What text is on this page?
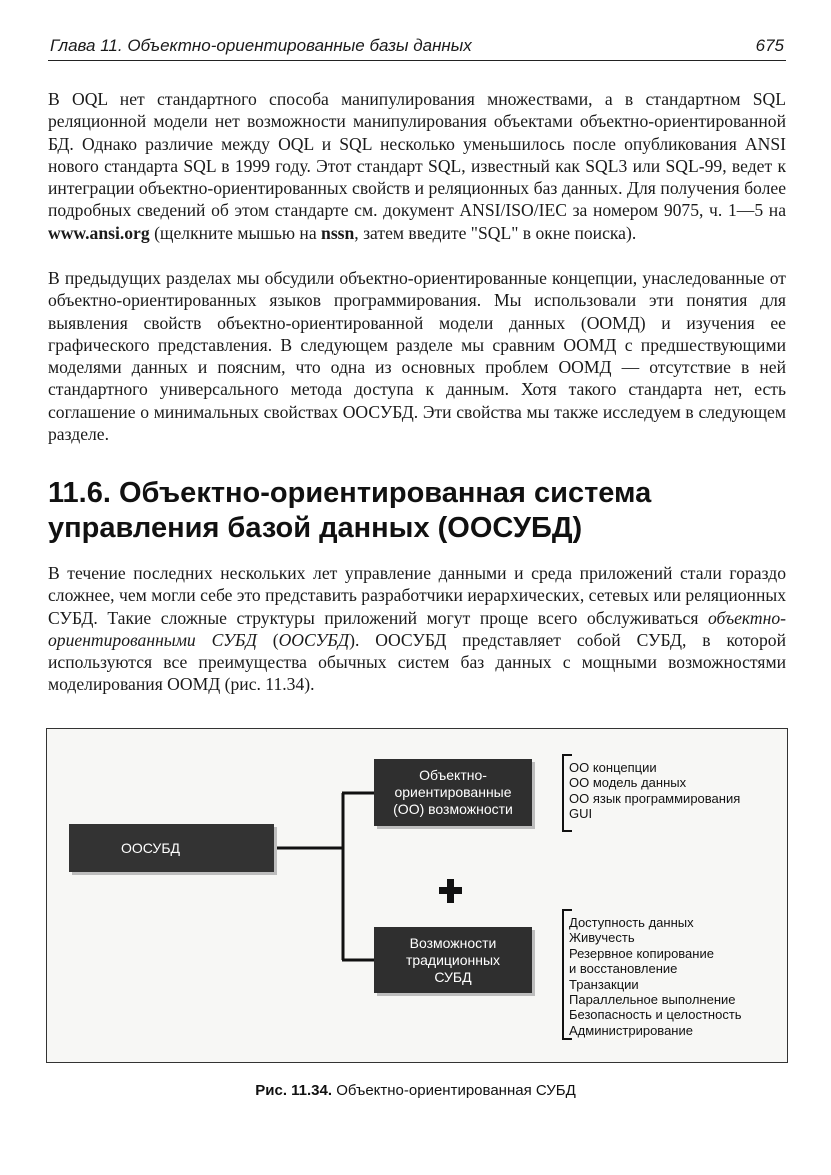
Глава 11. Объектно-ориентированные базы данных	675

В OQL нет стандартного способа манипулирования множествами, а в стандартном SQL реляционной модели нет возможности манипулирования объектами объектно-ориентированной БД. Однако различие между OQL и SQL несколько уменьшилось после опубликования ANSI нового стандарта SQL в 1999 году. Этот стандарт SQL, известный как SQL3 или SQL-99, ведет к интеграции объектно-ориентированных свойств и реляционных баз данных. Для получения более подробных сведений об этом стандарте см. документ ANSI/ISO/IEC за номером 9075, ч. 1—5 на www.ansi.org (щелкните мышью на nssn, затем введите "SQL" в окне поиска).

В предыдущих разделах мы обсудили объектно-ориентированные концепции, унаследованные от объектно-ориентированных языков программирования. Мы использовали эти понятия для выявления свойств объектно-ориентированной модели данных (ООМД) и изучения ее графического представления. В следующем разделе мы сравним ООМД с предшествующими моделями данных и поясним, что одна из основных проблем ООМД — отсутствие в ней стандартного универсального метода доступа к данным. Хотя такого стандарта нет, есть соглашение о минимальных свойствах ООСУБД. Эти свойства мы также исследуем в следующем разделе.

11.6. Объектно-ориентированная система
управления базой данных (ООСУБД)

В течение последних нескольких лет управление данными и среда приложений стали гораздо сложнее, чем могли себе это представить разработчики иерархических, сетевых или реляционных СУБД. Такие сложные структуры приложений могут проще всего обслуживаться объектно-ориентированными СУБД (ООСУБД). ООСУБД представляет собой СУБД, в которой используются все преимущества обычных систем баз данных с мощными возможностями моделирования ООМД (рис. 11.34).

ООСУБД
Объектно-
ориентированные
(ОО) возможности
Возможности
традиционных
СУБД
ОО концепции
ОО модель данных
ОО язык программирования
GUI
Доступность данных
Живучесть
Резервное копирование
и восстановление
Транзакции
Параллельное выполнение
Безопасность и целостность
Администрирование
Рис. 11.34. Объектно-ориентированная СУБД
